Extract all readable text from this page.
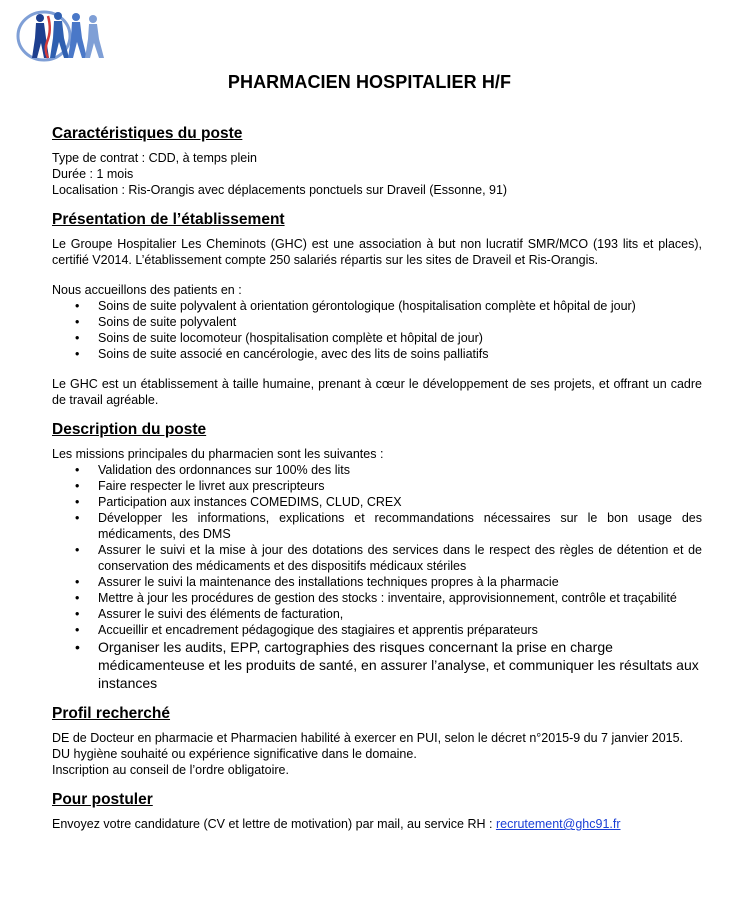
PHARMACIEN HOSPITALIER H/F
Caractéristiques du poste

Type de contrat : CDD, à temps plein

Durée : 1 mois

Localisation : Ris-Orangis avec déplacements ponctuels sur Draveil (Essonne, 91)

Présentation de l’établissement

Le Groupe Hospitalier Les Cheminots (GHC) est une association à but non lucratif SMR/MCO (193 lits et places), certifié V2014. L’établissement compte 250 salariés répartis sur les sites de Draveil et Ris-Orangis.

Nous accueillons des patients en :

• Soins de suite polyvalent à orientation gérontologique (hospitalisation complète et hôpital de jour)
• Soins de suite polyvalent
• Soins de suite locomoteur (hospitalisation complète et hôpital de jour)
• Soins de suite associé en cancérologie, avec des lits de soins palliatifs

Le GHC est un établissement à taille humaine, prenant à cœur le développement de ses projets, et offrant un cadre de travail agréable.

Description du poste

Les missions principales du pharmacien sont les suivantes :

• Validation des ordonnances sur 100% des lits
• Faire respecter le livret aux prescripteurs
• Participation aux instances COMEDIMS, CLUD, CREX
• Développer les informations, explications et recommandations nécessaires sur le bon usage des médicaments, des DMS
• Assurer le suivi et la mise à jour des dotations des services dans le respect des règles de détention et de conservation des médicaments et des dispositifs médicaux stériles
• Assurer le suivi la maintenance des installations techniques propres à la pharmacie
• Mettre à jour les procédures de gestion des stocks : inventaire, approvisionnement, contrôle et traçabilité
• Assurer le suivi des éléments de facturation,
• Accueillir et encadrement pédagogique des stagiaires et apprentis préparateurs
• Organiser les audits, EPP, cartographies des risques concernant la prise en charge médicamenteuse et les produits de santé, en assurer l’analyse, et communiquer les résultats aux instances
Profil recherché

DE de Docteur en pharmacie et Pharmacien habilité à exercer en PUI, selon le décret n°2015-9 du 7 janvier 2015.

DU hygiène souhaité ou expérience significative dans le domaine.

Inscription au conseil de l’ordre obligatoire.

Pour postuler

Envoyez votre candidature (CV et lettre de motivation) par mail, au service RH : recrutement@ghc91.fr
